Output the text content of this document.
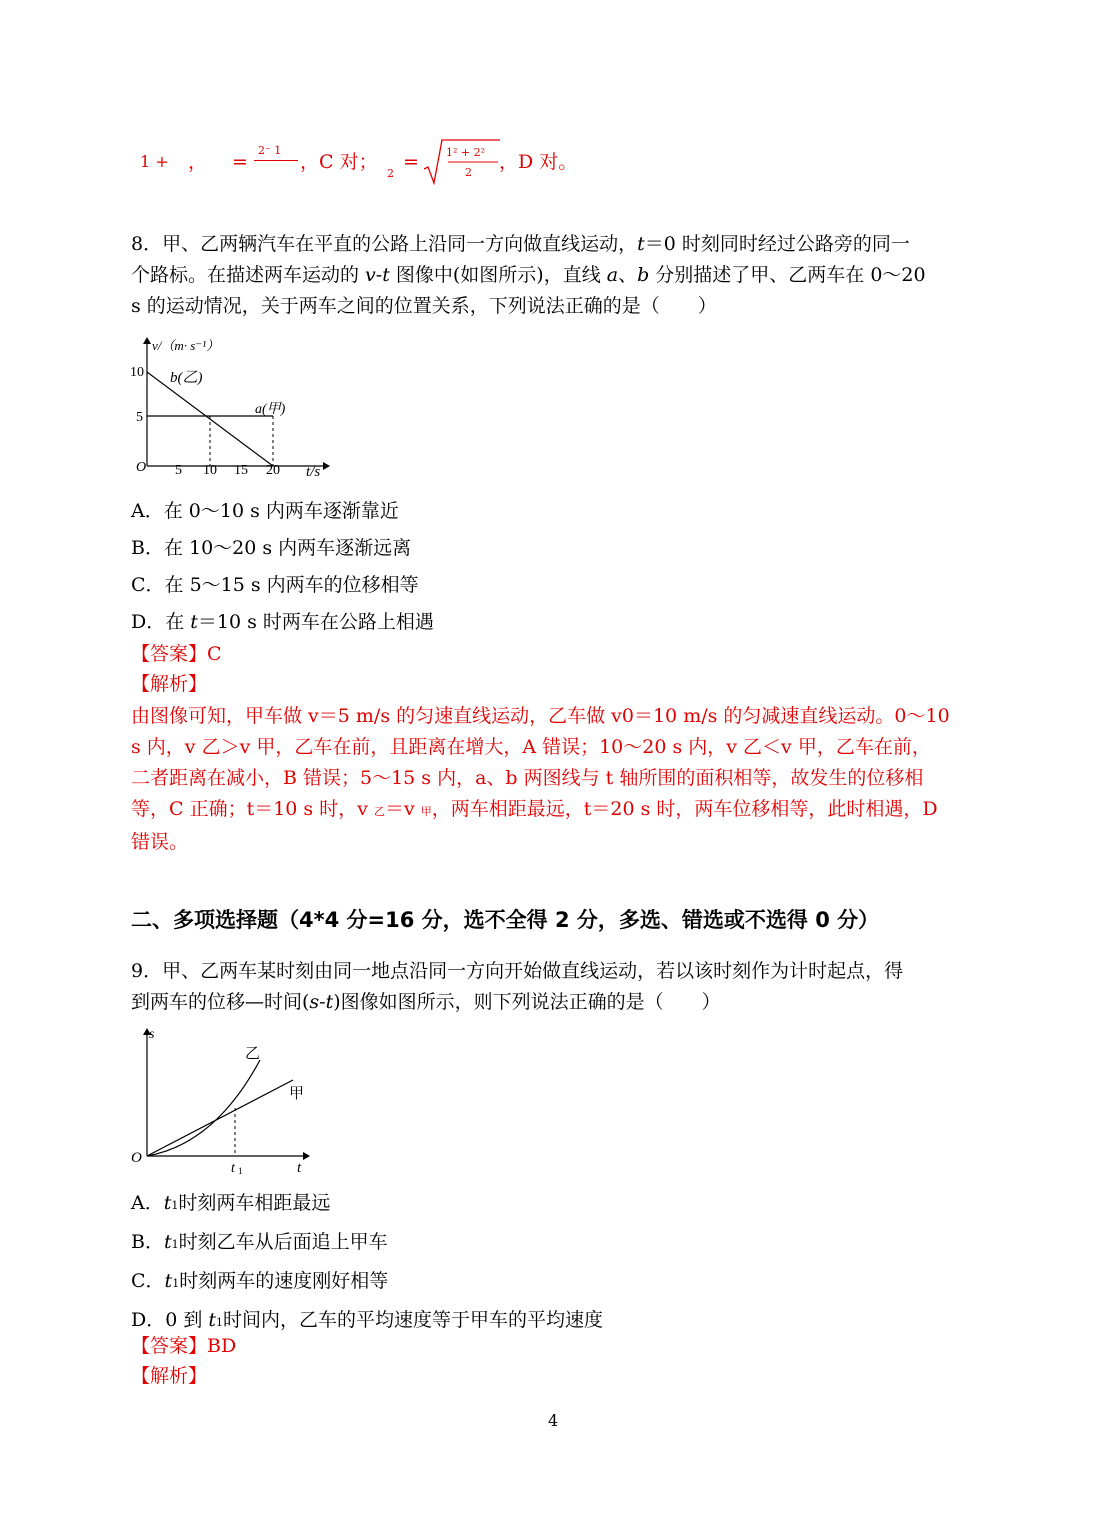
1 + ， =
2⁻ 1
，C 对；
2
= 1² + 2²
2 ，D 对。
8．甲、乙两辆汽车在平直的公路上沿同一方向做直线运动，t＝0 时刻同时经过公路旁的同一
个路标。在描述两车运动的 v-t 图像中(如图所示)，直线 a、b 分别描述了甲、乙两车在 0～20
s 的运动情况，关于两车之间的位置关系，下列说法正确的是（　　）
v/（m· s⁻¹）
10
5
O 5 10 15 20 t/s
b(乙)
a(甲)
A．在 0～10 s 内两车逐渐靠近
B．在 10～20 s 内两车逐渐远离
C．在 5～15 s 内两车的位移相等
D．在 t＝10 s 时两车在公路上相遇
【答案】C
【解析】
由图像可知，甲车做 v＝5 m/s 的匀速直线运动，乙车做 v0＝10 m/s 的匀减速直线运动。0～10
s 内，v 乙＞v 甲，乙车在前，且距离在增大，A 错误；10～20 s 内，v 乙＜v 甲，乙车在前，
二者距离在减小，B 错误；5～15 s 内，a、b 两图线与 t 轴所围的面积相等，故发生的位移相
等，C 正确；t＝10 s 时，v 乙＝v 甲，两车相距最远，t＝20 s 时，两车位移相等，此时相遇，D
错误。
二、多项选择题（4*4 分=16 分，选不全得 2 分，多选、错选或不选得 0 分）
9．甲、乙两车某时刻由同一地点沿同一方向开始做直线运动，若以该时刻作为计时起点，得
到两车的位移—时间(s-t)图像如图所示，则下列说法正确的是（　　）
s
O
t 1	t
乙
甲
A．t1时刻两车相距最远
B．t1时刻乙车从后面追上甲车
C．t1时刻两车的速度刚好相等
D．0 到 t1时间内，乙车的平均速度等于甲车的平均速度
【答案】BD
【解析】
4
